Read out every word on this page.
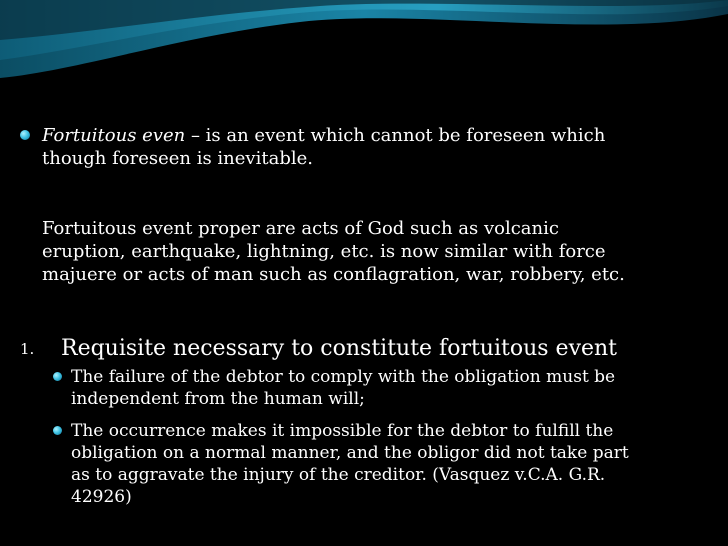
Fortuitous even – is an event which cannot be foreseen which
though foreseen is inevitable.
Fortuitous event proper are acts of God such as volcanic
eruption, earthquake, lightning, etc. is now similar with force
majuere or acts of man such as conflagration, war, robbery, etc.
1. Requisite necessary to constitute fortuitous event
The failure of the debtor to comply with the obligation must be
independent from the human will;
The occurrence makes it impossible for the debtor to fulfill the
obligation on a normal manner, and the obligor did not take part
as to aggravate the injury of the creditor. (Vasquez v.C.A. G.R.
42926)
